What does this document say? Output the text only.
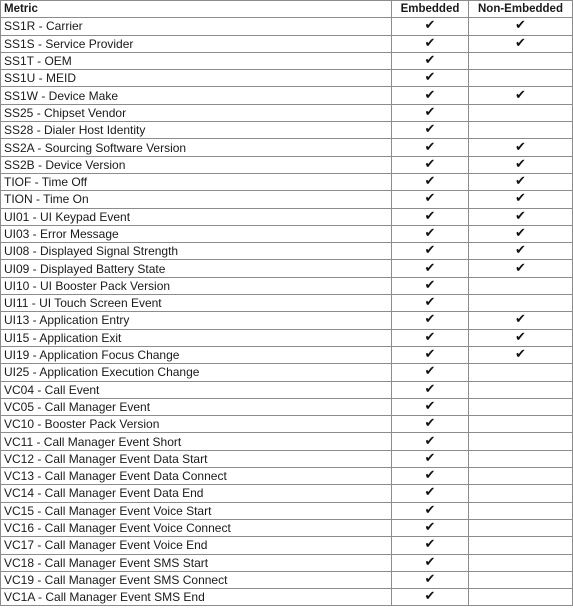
Metric	Embedded	Non-Embedded
SS1R - Carrier	✔	✔
SS1S - Service Provider	✔	✔
SS1T - OEM	✔	
SS1U - MEID	✔	
SS1W - Device Make	✔	✔
SS25 - Chipset Vendor	✔	
SS28 - Dialer Host Identity	✔	
SS2A - Sourcing Software Version	✔	✔
SS2B - Device Version	✔	✔
TIOF - Time Off	✔	✔
TION - Time On	✔	✔
UI01 - UI Keypad Event	✔	✔
UI03 - Error Message	✔	✔
UI08 - Displayed Signal Strength	✔	✔
UI09 - Displayed Battery State	✔	✔
UI10 - UI Booster Pack Version	✔	
UI11 - UI Touch Screen Event	✔	
UI13 - Application Entry	✔	✔
UI15 - Application Exit	✔	✔
UI19 - Application Focus Change	✔	✔
UI25 - Application Execution Change	✔	
VC04 - Call Event	✔	
VC05 - Call Manager Event	✔	
VC10 - Booster Pack Version	✔	
VC11 - Call Manager Event Short	✔	
VC12 - Call Manager Event Data Start	✔	
VC13 - Call Manager Event Data Connect	✔	
VC14 - Call Manager Event Data End	✔	
VC15 - Call Manager Event Voice Start	✔	
VC16 - Call Manager Event Voice Connect	✔	
VC17 - Call Manager Event Voice End	✔	
VC18 - Call Manager Event SMS Start	✔	
VC19 - Call Manager Event SMS Connect	✔	
VC1A - Call Manager Event SMS End	✔	
